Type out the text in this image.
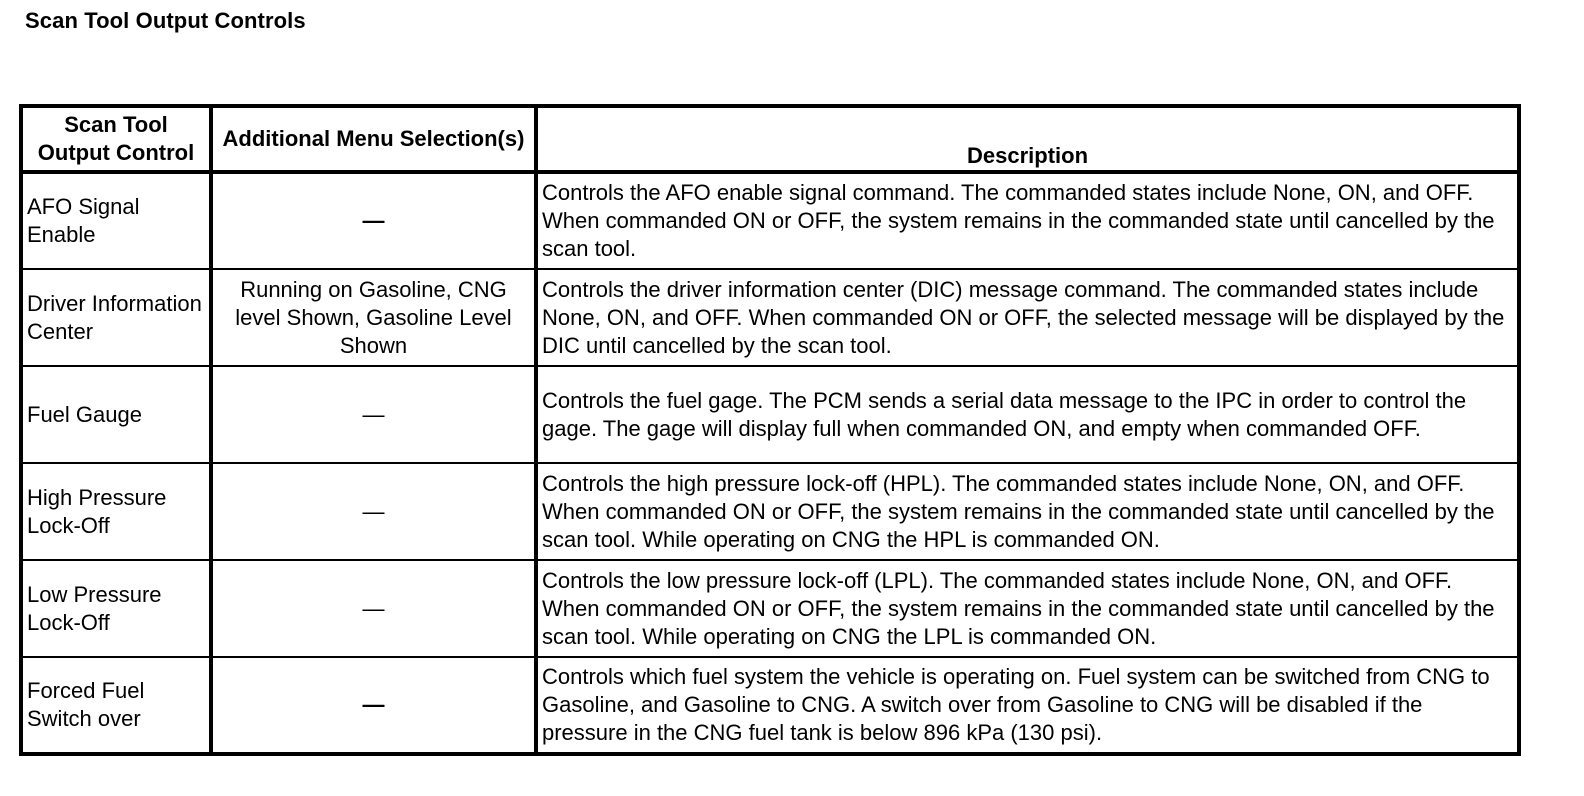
Scan Tool Output Controls
Scan Tool Output Control	Additional Menu Selection(s)	Description
AFO Signal Enable	—	Controls the AFO enable signal command. The commanded states include None, ON, and OFF. When commanded ON or OFF, the system remains in the commanded state until cancelled by the scan tool.
Driver Information Center	Running on Gasoline, CNG level Shown, Gasoline Level Shown	Controls the driver information center (DIC) message command. The commanded states include None, ON, and OFF. When commanded ON or OFF, the selected message will be displayed by the DIC until cancelled by the scan tool.
Fuel Gauge	—	Controls the fuel gage. The PCM sends a serial data message to the IPC in order to control the gage. The gage will display full when commanded ON, and empty when commanded OFF.
High Pressure Lock-Off	—	Controls the high pressure lock-off (HPL). The commanded states include None, ON, and OFF. When commanded ON or OFF, the system remains in the commanded state until cancelled by the scan tool. While operating on CNG the HPL is commanded ON.
Low Pressure Lock-Off	—	Controls the low pressure lock-off (LPL). The commanded states include None, ON, and OFF. When commanded ON or OFF, the system remains in the commanded state until cancelled by the scan tool. While operating on CNG the LPL is commanded ON.
Forced Fuel Switch over	—	Controls which fuel system the vehicle is operating on. Fuel system can be switched from CNG to Gasoline, and Gasoline to CNG. A switch over from Gasoline to CNG will be disabled if the pressure in the CNG fuel tank is below 896 kPa (130 psi).
